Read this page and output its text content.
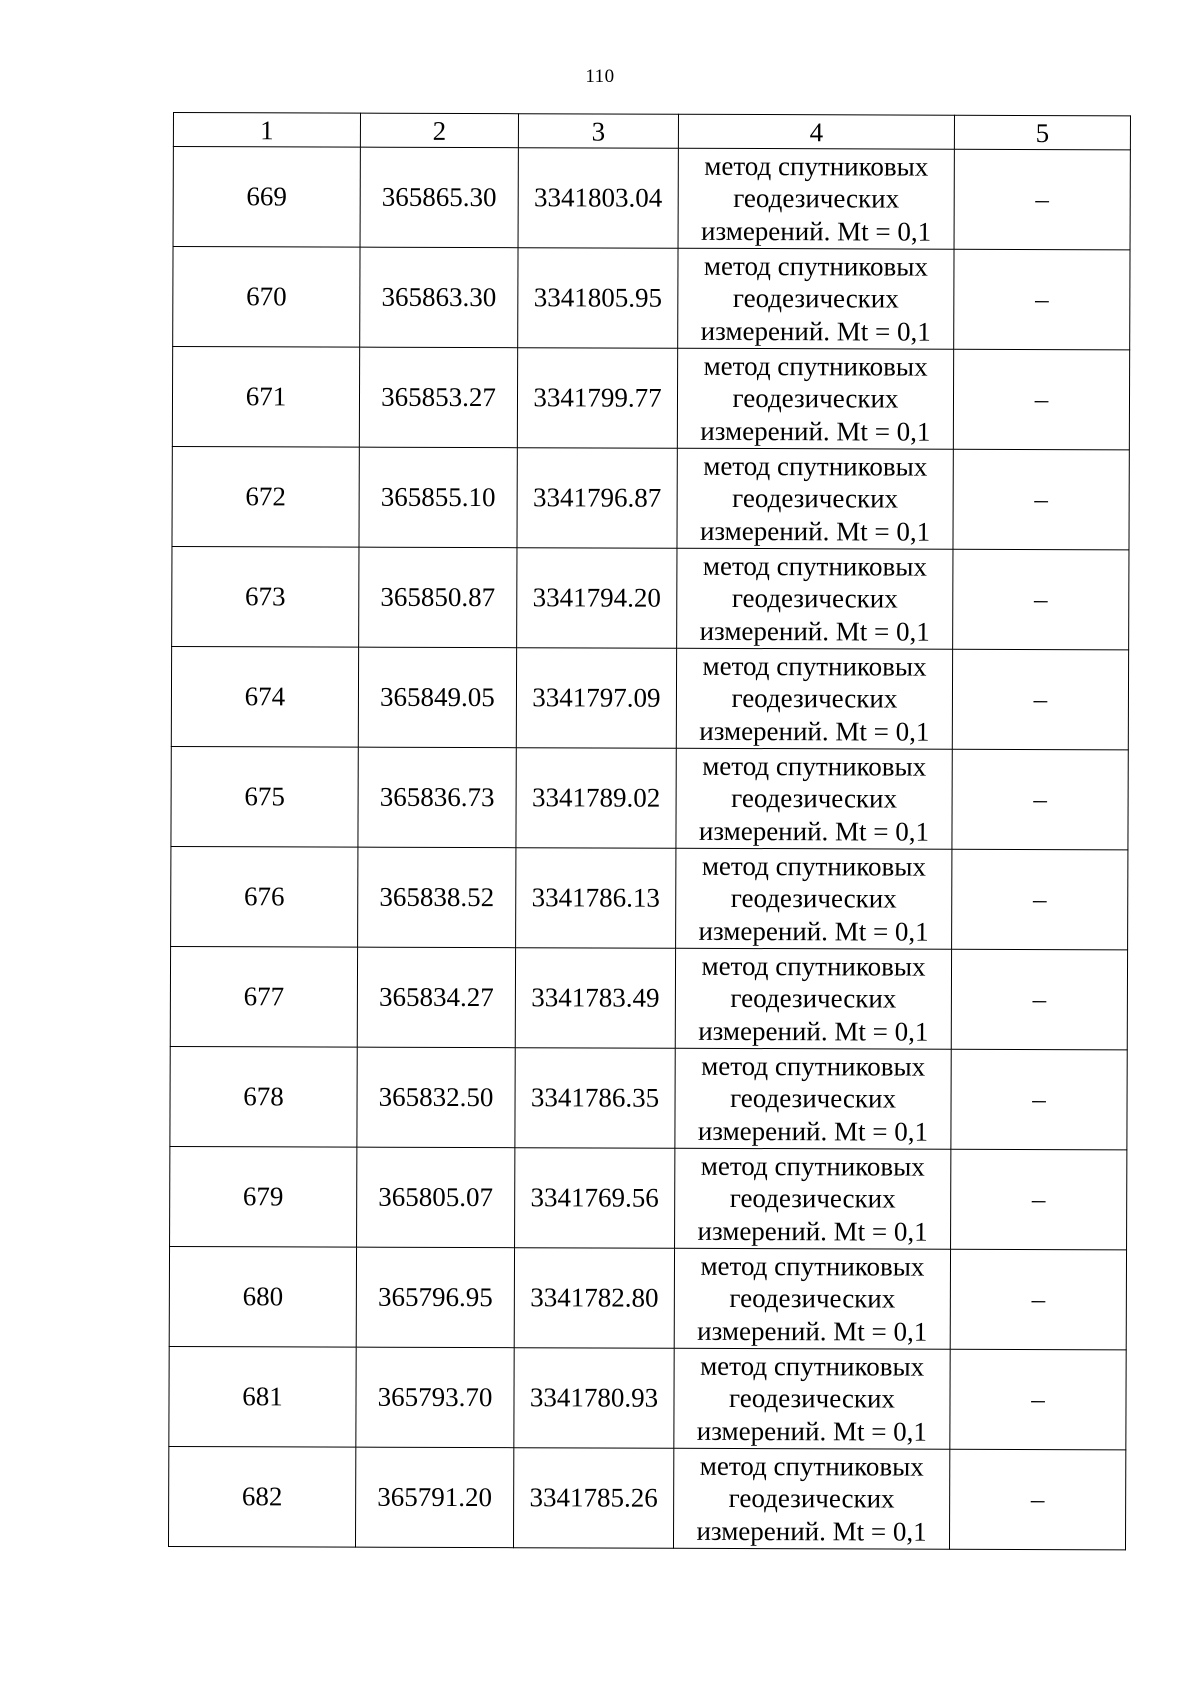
110
1	2	3	4	5
669	365865.30	3341803.04	метод спутниковых
геодезических
измерений. Mt = 0,1	–
670	365863.30	3341805.95	метод спутниковых
геодезических
измерений. Mt = 0,1	–
671	365853.27	3341799.77	метод спутниковых
геодезических
измерений. Mt = 0,1	–
672	365855.10	3341796.87	метод спутниковых
геодезических
измерений. Mt = 0,1	–
673	365850.87	3341794.20	метод спутниковых
геодезических
измерений. Mt = 0,1	–
674	365849.05	3341797.09	метод спутниковых
геодезических
измерений. Mt = 0,1	–
675	365836.73	3341789.02	метод спутниковых
геодезических
измерений. Mt = 0,1	–
676	365838.52	3341786.13	метод спутниковых
геодезических
измерений. Mt = 0,1	–
677	365834.27	3341783.49	метод спутниковых
геодезических
измерений. Mt = 0,1	–
678	365832.50	3341786.35	метод спутниковых
геодезических
измерений. Mt = 0,1	–
679	365805.07	3341769.56	метод спутниковых
геодезических
измерений. Mt = 0,1	–
680	365796.95	3341782.80	метод спутниковых
геодезических
измерений. Mt = 0,1	–
681	365793.70	3341780.93	метод спутниковых
геодезических
измерений. Mt = 0,1	–
682	365791.20	3341785.26	метод спутниковых
геодезических
измерений. Mt = 0,1	–
